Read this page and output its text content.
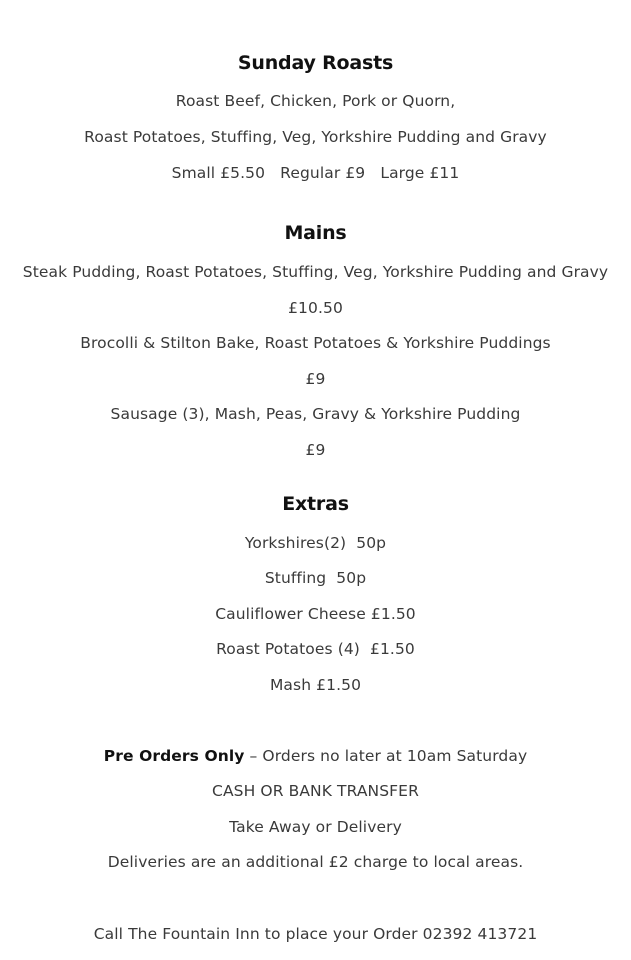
Sunday Roasts
Roast Beef, Chicken, Pork or Quorn,
Roast Potatoes, Stuffing, Veg, Yorkshire Pudding and Gravy
Small £5.50   Regular £9   Large £11
Mains
Steak Pudding, Roast Potatoes, Stuffing, Veg, Yorkshire Pudding and Gravy
£10.50
Brocolli & Stilton Bake, Roast Potatoes & Yorkshire Puddings
£9
Sausage (3), Mash, Peas, Gravy & Yorkshire Pudding
£9
Extras
Yorkshires(2)  50p
Stuffing  50p
Cauliflower Cheese £1.50
Roast Potatoes (4)  £1.50
Mash £1.50
Pre Orders Only – Orders no later at 10am Saturday
CASH OR BANK TRANSFER
Take Away or Delivery
Deliveries are an additional £2 charge to local areas.
Call The Fountain Inn to place your Order 02392 413721
